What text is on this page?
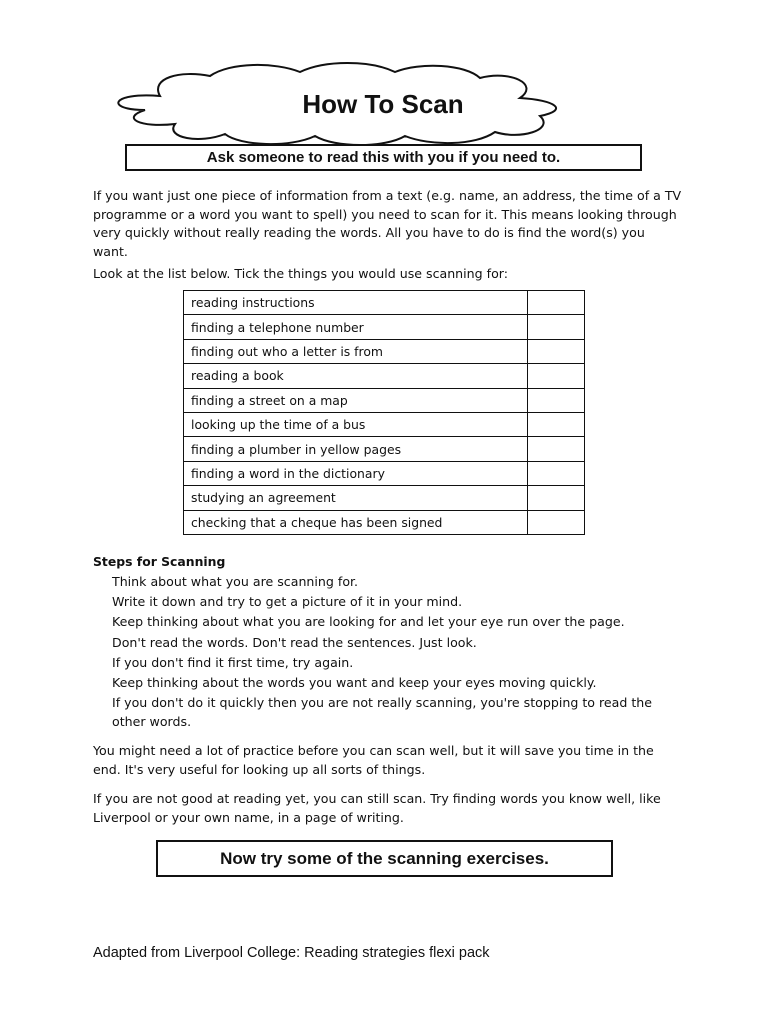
How To Scan
Ask someone to read this with you if you need to.
If you want just one piece of information from a text (e.g. name, an address, the time of a TV programme or a word you want to spell) you need to scan for it. This means looking through very quickly without really reading the words. All you have to do is find the word(s) you want.
Look at the list below. Tick the things you would use scanning for:
reading instructions	
finding a telephone number	
finding out who a letter is from	
reading a book	
finding a street on a map	
looking up the time of a bus	
finding a plumber in yellow pages	
finding a word in the dictionary	
studying an agreement	
checking that a cheque has been signed	
Steps for Scanning
Think about what you are scanning for.
Write it down and try to get a picture of it in your mind.
Keep thinking about what you are looking for and let your eye run over the page.
Don't read the words. Don't read the sentences. Just look.
If you don't find it first time, try again.
Keep thinking about the words you want and keep your eyes moving quickly.
If you don't do it quickly then you are not really scanning, you're stopping to read the other words.
You might need a lot of practice before you can scan well, but it will save you time in the end. It's very useful for looking up all sorts of things.
If you are not good at reading yet, you can still scan. Try finding words you know well, like Liverpool or your own name, in a page of writing.
Now try some of the scanning exercises.
Adapted from Liverpool College: Reading strategies flexi pack
